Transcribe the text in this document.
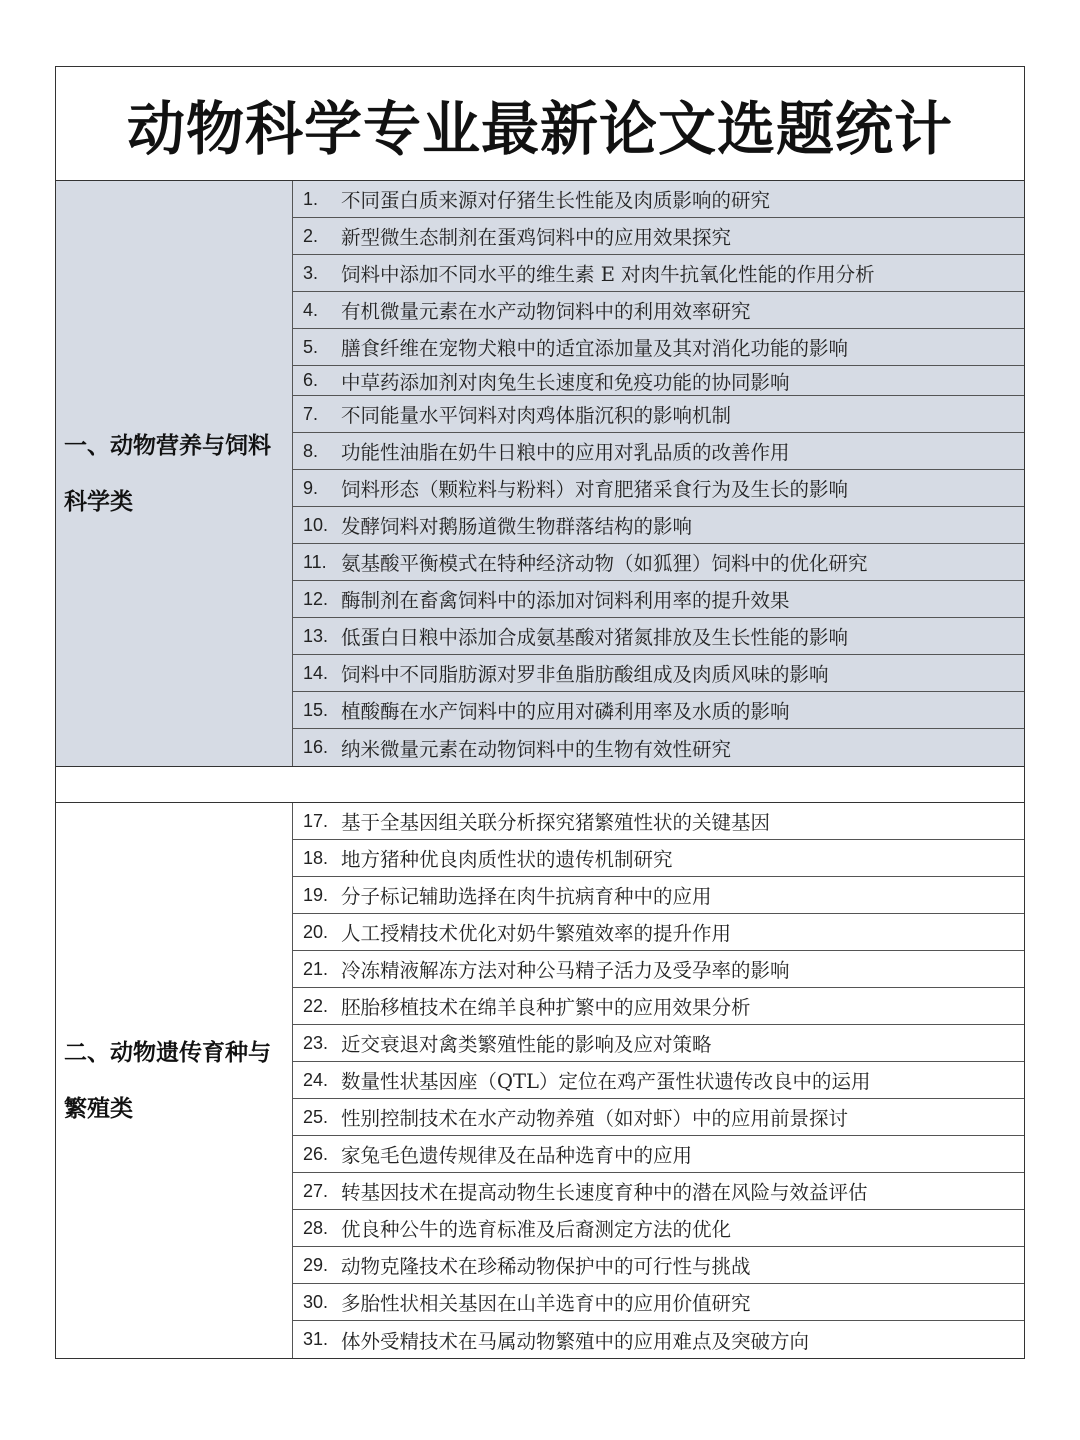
动物科学专业最新论文选题统计
一、动物营养与饲料科学类
1.	不同蛋白质来源对仔猪生长性能及肉质影响的研究
2.	新型微生态制剂在蛋鸡饲料中的应用效果探究
3.	饲料中添加不同水平的维生素 E 对肉牛抗氧化性能的作用分析
4.	有机微量元素在水产动物饲料中的利用效率研究
5.	膳食纤维在宠物犬粮中的适宜添加量及其对消化功能的影响
6.	中草药添加剂对肉兔生长速度和免疫功能的协同影响
7.	不同能量水平饲料对肉鸡体脂沉积的影响机制
8.	功能性油脂在奶牛日粮中的应用对乳品质的改善作用
9.	饲料形态（颗粒料与粉料）对育肥猪采食行为及生长的影响
10. 发酵饲料对鹅肠道微生物群落结构的影响
11. 氨基酸平衡模式在特种经济动物（如狐狸）饲料中的优化研究
12. 酶制剂在畜禽饲料中的添加对饲料利用率的提升效果
13. 低蛋白日粮中添加合成氨基酸对猪氮排放及生长性能的影响
14. 饲料中不同脂肪源对罗非鱼脂肪酸组成及肉质风味的影响
15. 植酸酶在水产饲料中的应用对磷利用率及水质的影响
16. 纳米微量元素在动物饲料中的生物有效性研究
二、动物遗传育种与繁殖类
17. 基于全基因组关联分析探究猪繁殖性状的关键基因
18. 地方猪种优良肉质性状的遗传机制研究
19. 分子标记辅助选择在肉牛抗病育种中的应用
20. 人工授精技术优化对奶牛繁殖效率的提升作用
21. 冷冻精液解冻方法对种公马精子活力及受孕率的影响
22. 胚胎移植技术在绵羊良种扩繁中的应用效果分析
23. 近交衰退对禽类繁殖性能的影响及应对策略
24. 数量性状基因座（QTL）定位在鸡产蛋性状遗传改良中的运用
25. 性别控制技术在水产动物养殖（如对虾）中的应用前景探讨
26. 家兔毛色遗传规律及在品种选育中的应用
27. 转基因技术在提高动物生长速度育种中的潜在风险与效益评估
28. 优良种公牛的选育标准及后裔测定方法的优化
29. 动物克隆技术在珍稀动物保护中的可行性与挑战
30. 多胎性状相关基因在山羊选育中的应用价值研究
31. 体外受精技术在马属动物繁殖中的应用难点及突破方向
